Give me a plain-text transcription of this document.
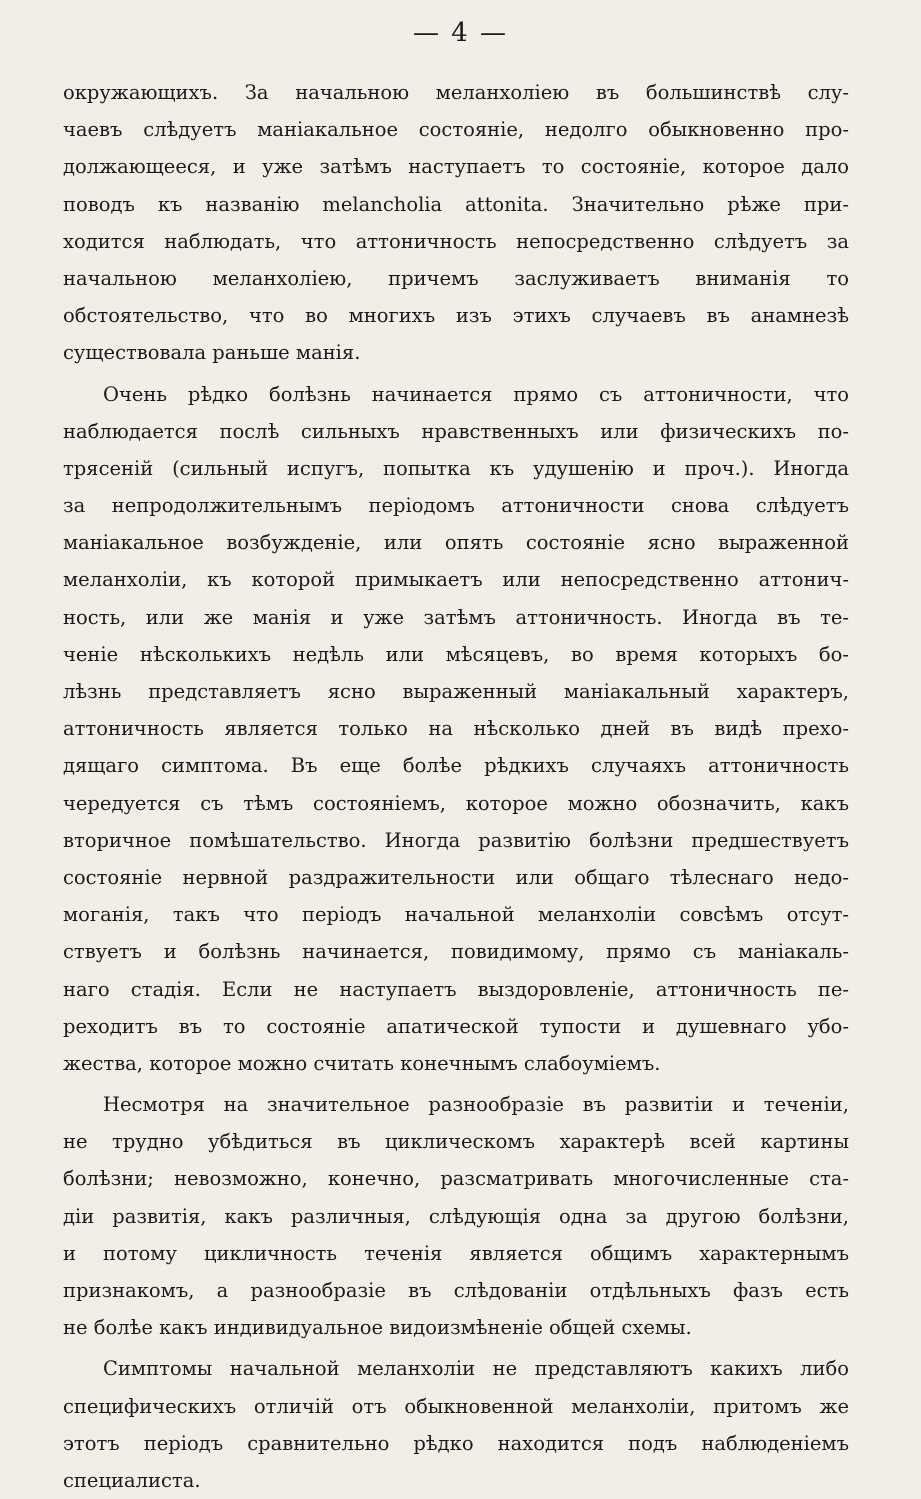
— 4 —
окружающихъ. За начальною меланхоліею въ большинствѣ слу-
чаевъ слѣдуетъ маніакальное состояніе, недолго обыкновенно про-
должающееся, и уже затѣмъ наступаетъ то состояніе, которое дало
поводъ къ названію melancholia attonita. Значительно рѣже при-
ходится наблюдать, что аттоничность непосредственно слѣдуетъ за
начальною меланхоліею, причемъ заслуживаетъ вниманія то
обстоятельство, что во многихъ изъ этихъ случаевъ въ анамнезѣ
существовала раньше манія.
Очень рѣдко болѣзнь начинается прямо съ аттоничности, что
наблюдается послѣ сильныхъ нравственныхъ или физическихъ по-
трясеній (сильный испугъ, попытка къ удушенію и проч.). Иногда
за непродолжительнымъ періодомъ аттоничности снова слѣдуетъ
маніакальное возбужденіе, или опять состояніе ясно выраженной
меланхоліи, къ которой примыкаетъ или непосредственно аттонич-
ность, или же манія и уже затѣмъ аттоничность. Иногда въ те-
ченіе нѣсколькихъ недѣль или мѣсяцевъ, во время которыхъ бо-
лѣзнь представляетъ ясно выраженный маніакальный характеръ,
аттоничность является только на нѣсколько дней въ видѣ прехо-
дящаго симптома. Въ еще болѣе рѣдкихъ случаяхъ аттоничность
чередуется съ тѣмъ состояніемъ, которое можно обозначить, какъ
вторичное помѣшательство. Иногда развитію болѣзни предшествуетъ
состояніе нервной раздражительности или общаго тѣлеснаго недо-
моганія, такъ что періодъ начальной меланхоліи совсѣмъ отсут-
ствуетъ и болѣзнь начинается, повидимому, прямо съ маніакаль-
наго стадія. Если не наступаетъ выздоровленіе, аттоничность пе-
реходитъ въ то состояніе апатической тупости и душевнаго убо-
жества, которое можно считать конечнымъ слабоуміемъ.
Несмотря на значительное разнообразіе въ развитіи и теченіи,
не трудно убѣдиться въ циклическомъ характерѣ всей картины
болѣзни; невозможно, конечно, разсматривать многочисленные ста-
діи развитія, какъ различныя, слѣдующія одна за другою болѣзни,
и потому цикличность теченія является общимъ характернымъ
признакомъ, а разнообразіе въ слѣдованіи отдѣльныхъ фазъ есть
не болѣе какъ индивидуальное видоизмѣненіе общей схемы.
Симптомы начальной меланхоліи не представляютъ какихъ либо
специфическихъ отличій отъ обыкновенной меланхоліи, притомъ же
этотъ періодъ сравнительно рѣдко находится подъ наблюденіемъ
специалиста.
